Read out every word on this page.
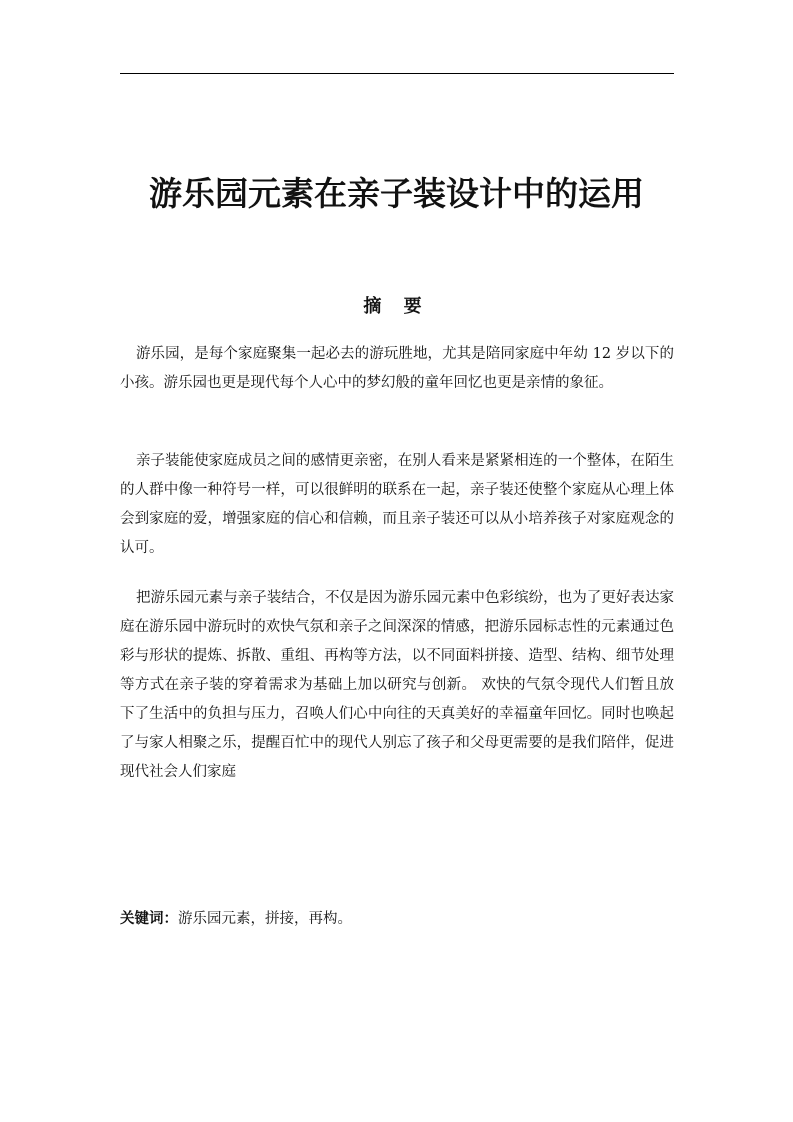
游乐园元素在亲子装设计中的运用
摘 要

游乐园，是每个家庭聚集一起必去的游玩胜地，尤其是陪同家庭中年幼 12 岁以下的小孩。游乐园也更是现代每个人心中的梦幻般的童年回忆也更是亲情的象征。

亲子装能使家庭成员之间的感情更亲密，在别人看来是紧紧相连的一个整体，在陌生的人群中像一种符号一样，可以很鲜明的联系在一起，亲子装还使整个家庭从心理上体会到家庭的爱，增强家庭的信心和信赖，而且亲子装还可以从小培养孩子对家庭观念的认可。

把游乐园元素与亲子装结合，不仅是因为游乐园元素中色彩缤纷，也为了更好表达家庭在游乐园中游玩时的欢快气氛和亲子之间深深的情感，把游乐园标志性的元素通过色彩与形状的提炼、拆散、重组、再构等方法，以不同面料拼接、造型、结构、细节处理等方式在亲子装的穿着需求为基础上加以研究与创新。 欢快的气氛令现代人们暂且放下了生活中的负担与压力，召唤人们心中向往的天真美好的幸福童年回忆。同时也唤起了与家人相聚之乐，提醒百忙中的现代人别忘了孩子和父母更需要的是我们陪伴，促进现代社会人们家庭

关键词：游乐园元素，拼接，再构。
